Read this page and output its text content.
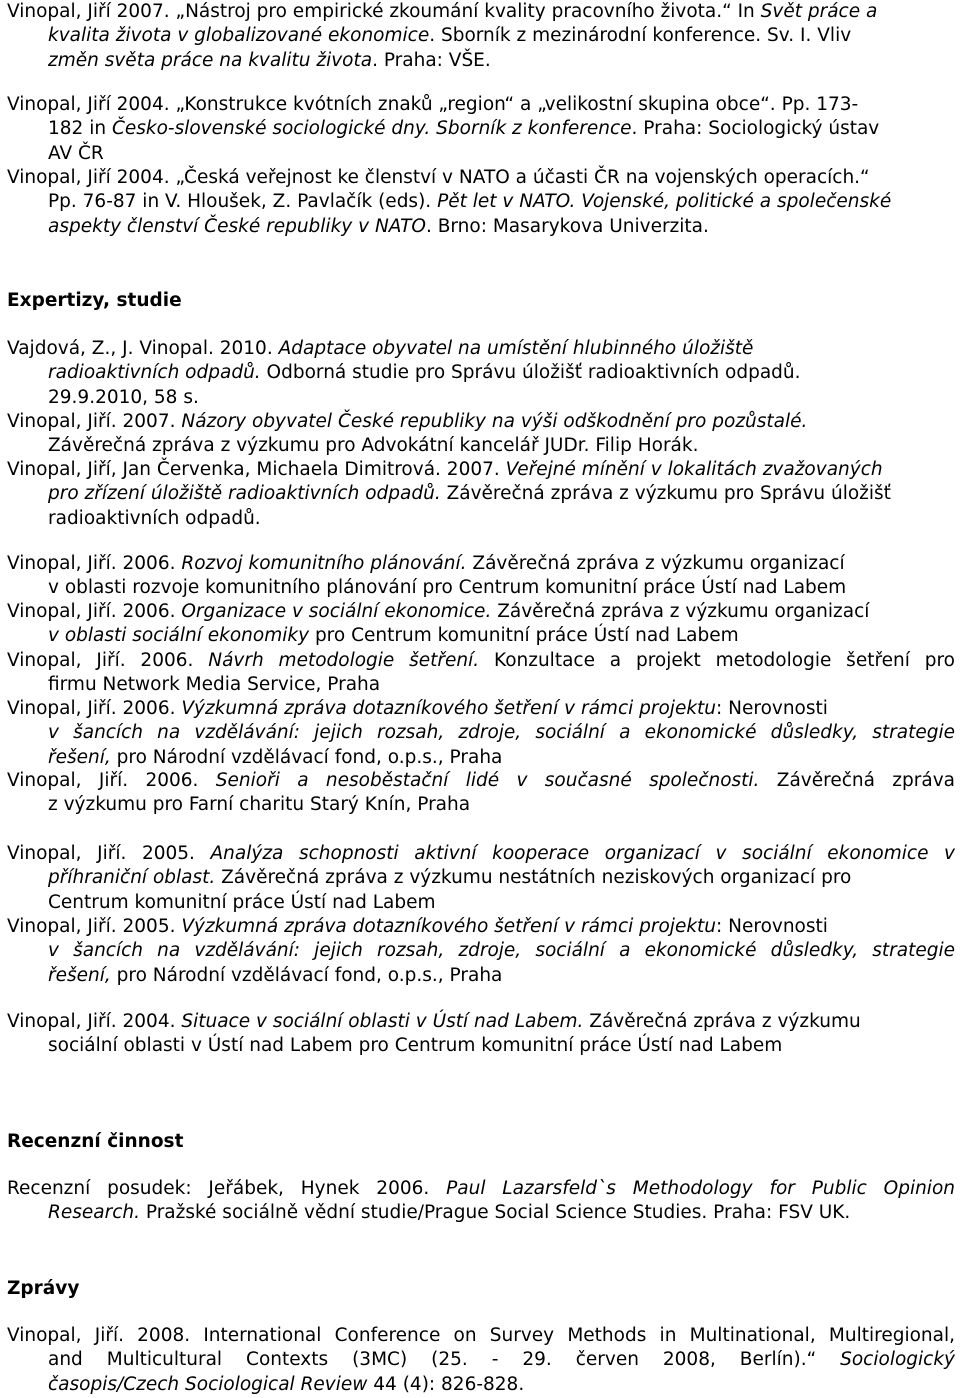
Expertizy, studie
Recenzní činnost
Zprávy

Vinopal, Jiří 2007. „Nástroj pro empirické zkoumání kvality pracovního života.“ In Svět práce a
kvalita života v globalizované ekonomice. Sborník z mezinárodní konference. Sv. I. Vliv
změn světa práce na kvalitu života. Praha: VŠE.

Vinopal, Jiří 2004. „Konstrukce kvótních znaků „region“ a „velikostní skupina obce“. Pp. 173-
182 in Česko-slovenské sociologické dny. Sborník z konference. Praha: Sociologický ústav
AV ČR

Vinopal, Jiří 2004. „Česká veřejnost ke členství v NATO a účasti ČR na vojenských operacích.“
Pp. 76-87 in V. Hloušek, Z. Pavlačík (eds). Pět let v NATO. Vojenské, politické a společenské
aspekty členství České republiky v NATO. Brno: Masarykova Univerzita.

Vajdová, Z., J. Vinopal. 2010. Adaptace obyvatel na umístění hlubinného úložiště
radioaktivních odpadů. Odborná studie pro Správu úložišť radioaktivních odpadů.
29.9.2010, 58 s.

Vinopal, Jiří. 2007. Názory obyvatel České republiky na výši odškodnění pro pozůstalé.
Závěrečná zpráva z výzkumu pro Advokátní kancelář JUDr. Filip Horák.

Vinopal, Jiří, Jan Červenka, Michaela Dimitrová. 2007. Veřejné mínění v lokalitách zvažovaných
pro zřízení úložiště radioaktivních odpadů. Závěrečná zpráva z výzkumu pro Správu úložišť
radioaktivních odpadů.

Vinopal, Jiří. 2006. Rozvoj komunitního plánování. Závěrečná zpráva z výzkumu organizací
v oblasti rozvoje komunitního plánování pro Centrum komunitní práce Ústí nad Labem

Vinopal, Jiří. 2006. Organizace v sociální ekonomice. Závěrečná zpráva z výzkumu organizací
v oblasti sociální ekonomiky pro Centrum komunitní práce Ústí nad Labem

Vinopal, Jiří. 2006. Návrh metodologie šetření. Konzultace a projekt metodologie šetření pro
firmu Network Media Service, Praha

Vinopal, Jiří. 2006. Výzkumná zpráva dotazníkového šetření v rámci projektu: Nerovnosti
v šancích na vzdělávání: jejich rozsah, zdroje, sociální a ekonomické důsledky, strategie
řešení, pro Národní vzdělávací fond, o.p.s., Praha

Vinopal, Jiří. 2006. Senioři a nesoběstační lidé v současné společnosti. Závěrečná zpráva
z výzkumu pro Farní charitu Starý Knín, Praha

Vinopal, Jiří. 2005. Analýza schopnosti aktivní kooperace organizací v sociální ekonomice v
příhraniční oblast. Závěrečná zpráva z výzkumu nestátních neziskových organizací pro
Centrum komunitní práce Ústí nad Labem

Vinopal, Jiří. 2005. Výzkumná zpráva dotazníkového šetření v rámci projektu: Nerovnosti
v šancích na vzdělávání: jejich rozsah, zdroje, sociální a ekonomické důsledky, strategie
řešení, pro Národní vzdělávací fond, o.p.s., Praha

Vinopal, Jiří. 2004. Situace v sociální oblasti v Ústí nad Labem. Závěrečná zpráva z výzkumu
sociální oblasti v Ústí nad Labem pro Centrum komunitní práce Ústí nad Labem

Recenzní posudek: Jeřábek, Hynek 2006. Paul Lazarsfeld`s Methodology for Public Opinion
Research. Pražské sociálně vědní studie/Prague Social Science Studies. Praha: FSV UK.

Vinopal, Jiří. 2008. International Conference on Survey Methods in Multinational, Multiregional,
and Multicultural Contexts (3MC) (25. - 29. červen 2008, Berlín).“ Sociologický
časopis/Czech Sociological Review 44 (4): 826-828.
